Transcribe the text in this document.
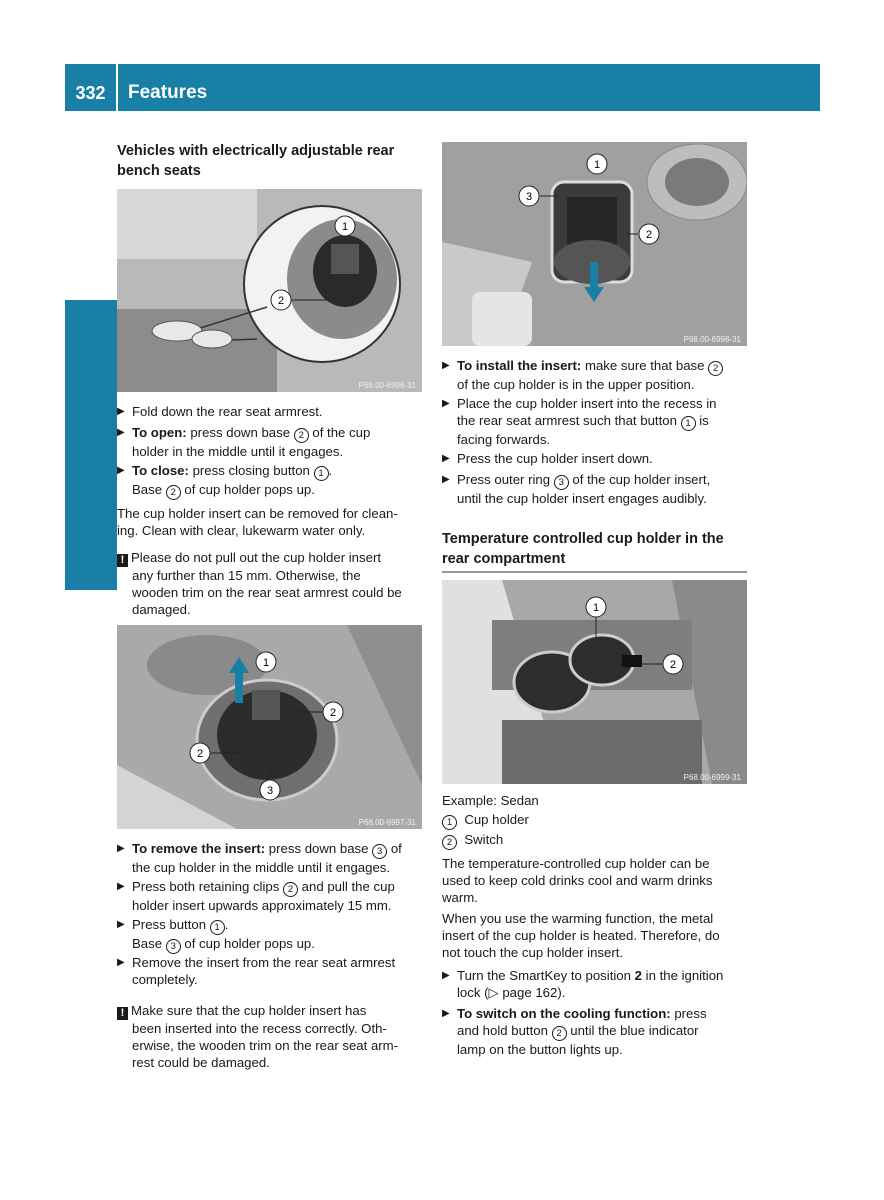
332	Features
Stowage and features
Vehicles with electrically adjustable rear bench seats
1
2
P68.00-6996-31
▶ Fold down the rear seat armrest.
▶ To open: press down base 2 of the cup
holder in the middle until it engages.
▶ To close: press closing button 1 .
Base 2 of cup holder pops up.
The cup holder insert can be removed for clean-
ing. Clean with clear, lukewarm water only.
! Please do not pull out the cup holder insert
any further than 15 mm. Otherwise, the
wooden trim on the rear seat armrest could be
damaged.
1
2
2
3
P68.00-6997-31
▶ To remove the insert: press down base 3 of
the cup holder in the middle until it engages.
▶ Press both retaining clips 2 and pull the cup
holder insert upwards approximately 15 mm.
▶ Press button 1 .
Base 3 of cup holder pops up.
▶ Remove the insert from the rear seat armrest
completely.
! Make sure that the cup holder insert has
been inserted into the recess correctly. Oth-
erwise, the wooden trim on the rear seat arm-
rest could be damaged.
1
3
2
P68.00-6998-31
▶ To install the insert: make sure that base 2
of the cup holder is in the upper position.
▶ Place the cup holder insert into the recess in
the rear seat armrest such that button 1 is
facing forwards.
▶ Press the cup holder insert down.
▶ Press outer ring 3 of the cup holder insert,
until the cup holder insert engages audibly.
Temperature controlled cup holder in the rear compartment
1
2
P68.00-6999-31
Example: Sedan
1 Cup holder
2 Switch
The temperature-controlled cup holder can be
used to keep cold drinks cool and warm drinks
warm.
When you use the warming function, the metal
insert of the cup holder is heated. Therefore, do
not touch the cup holder insert.
▶ Turn the SmartKey to position 2 in the ignition
lock (▷ page 162).
▶ To switch on the cooling function: press
and hold button 2 until the blue indicator
lamp on the button lights up.
